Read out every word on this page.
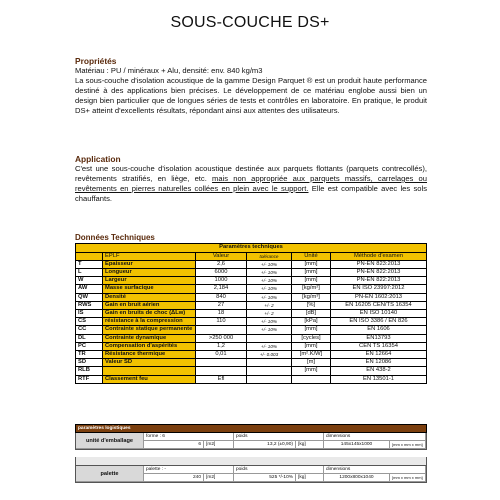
SOUS-COUCHE DS+
Propriétés
Matériau : PU / minéraux + Alu, densité: env. 840 kg/m3
La sous-couche d'isolation acoustique de la gamme Design Parquet ® est un produit haute performance destiné à des applications bien précises. Le développement de ce matériau englobe aussi bien un design bien particulier que de longues séries de tests et contrôles en laboratoire. En pratique, le produit DS+ atteint d'excellents résultats, répondant ainsi aux attentes des utilisateurs.
Application
C'est une sous-couche d'isolation acoustique destinée aux parquets flottants (parquets contrecollés), revêtements stratifiés, en liège, etc. mais non appropriée aux parquets massifs, carrelages ou revêtements en pierres naturelles collées en plein avec le support. Elle est compatible avec les sols chauffants.
Données Techniques
Paramètres techniques					
	EPLF	Valeur	tolérance	Unité	Méthode d'examen
T	Epaisseur	2,6	+/- 10%	[mm]	PN-EN 823:2013
L	Longueur	6000	+/- 10%	[mm]	PN-EN 822:2013
W	Largeur	1000	+/- 10%	[mm]	PN-EN 822:2013
AW	Masse surfacique	2,184	+/- 10%	[kg/m²]	EN ISO 23997:2012
QW	Densité	840	+/- 10%	[kg/m³]	PN-EN 1602:2013
RWS	Gain en bruit aérien	27	+/- 2	[%]	EN 16205 CEN/TS 16354
IS	Gain en bruits de choc (ΔLw)	18	+/- 2	[dB]	EN ISO 10140
CS	résistance à la compression	110	+/- 10%	[kPa]	EN ISO 3386 / EN 826
CC	Contrainte statique permanente		+/- 10%	[mm]	EN 1606
DL	Contrainte dynamique	>250 000		[cycles]	EN13793
PC	Compensation d'aspérités	1,2	+/- 10%	[mm]	CEN TS 16354
TR	Résistance thermique	0,01	+/- 0.003	[m².K/W]	EN 12664
SD	Valeur SD			[m]	EN 12086
RLB				[mm]	EN 438-2
RTF	Classement feu	Efl			EN 13501-1
paramètres logistiques
unité d'emballage
forme : 6	poids	dimensions
6	[m2]	13,2 (±0,90)	[kg]	145x145x1000	[mm x mm x mm]
palette
palette : -	poids	dimensions
240	[m2]	525 */-10%	[kg]	1200x800x1040	[mm x mm x mm]
